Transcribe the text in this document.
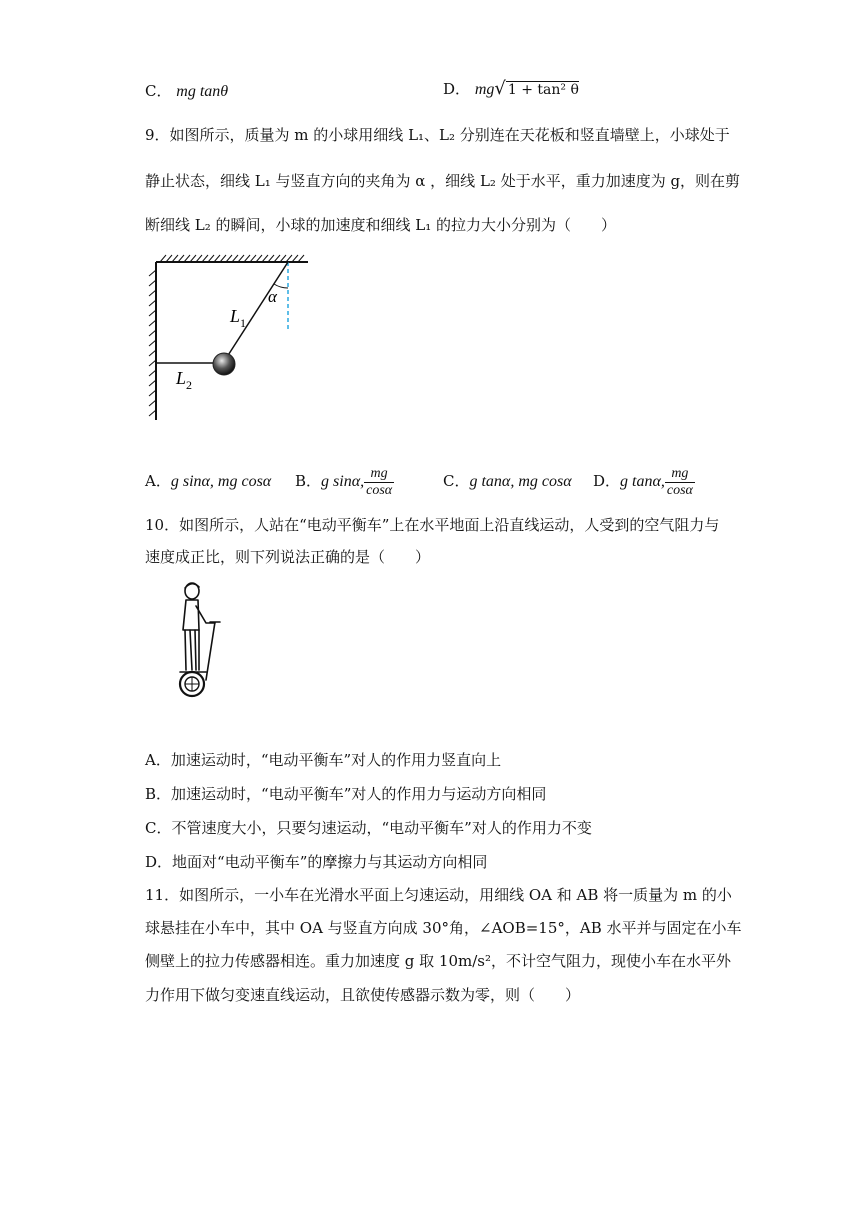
C． mg tanθ	D． mg√ 1 + tan² θ
9．如图所示，质量为 m 的小球用细线 L₁、L₂ 分别连在天花板和竖直墙壁上，小球处于
静止状态，细线 L₁ 与竖直方向的夹角为 α ，细线 L₂ 处于水平，重力加速度为 g，则在剪
断细线 L₂ 的瞬间，小球的加速度和细线 L₁ 的拉力大小分别为（　　）
α
$L_1$
$L_2$
A．g sinα, mg cosα B．g sinα, $\frac{mg}{\cos\alpha}$	C．g tanα, mg cosα D．g tanα, $\frac{mg}{\cos\alpha}$
10．如图所示，人站在“电动平衡车”上在水平地面上沿直线运动，人受到的空气阻力与
速度成正比，则下列说法正确的是（　　）
A．加速运动时，“电动平衡车”对人的作用力竖直向上
B．加速运动时，“电动平衡车”对人的作用力与运动方向相同
C．不管速度大小，只要匀速运动，“电动平衡车”对人的作用力不变
D．地面对“电动平衡车”的摩擦力与其运动方向相同
11．如图所示，一小车在光滑水平面上匀速运动，用细线 OA 和 AB 将一质量为 m 的小
球悬挂在小车中，其中 OA 与竖直方向成 30°角，∠AOB=15°，AB 水平并与固定在小车
侧壁上的拉力传感器相连。重力加速度 g 取 10m/s²，不计空气阻力，现使小车在水平外
力作用下做匀变速直线运动，且欲使传感器示数为零，则（　　）
